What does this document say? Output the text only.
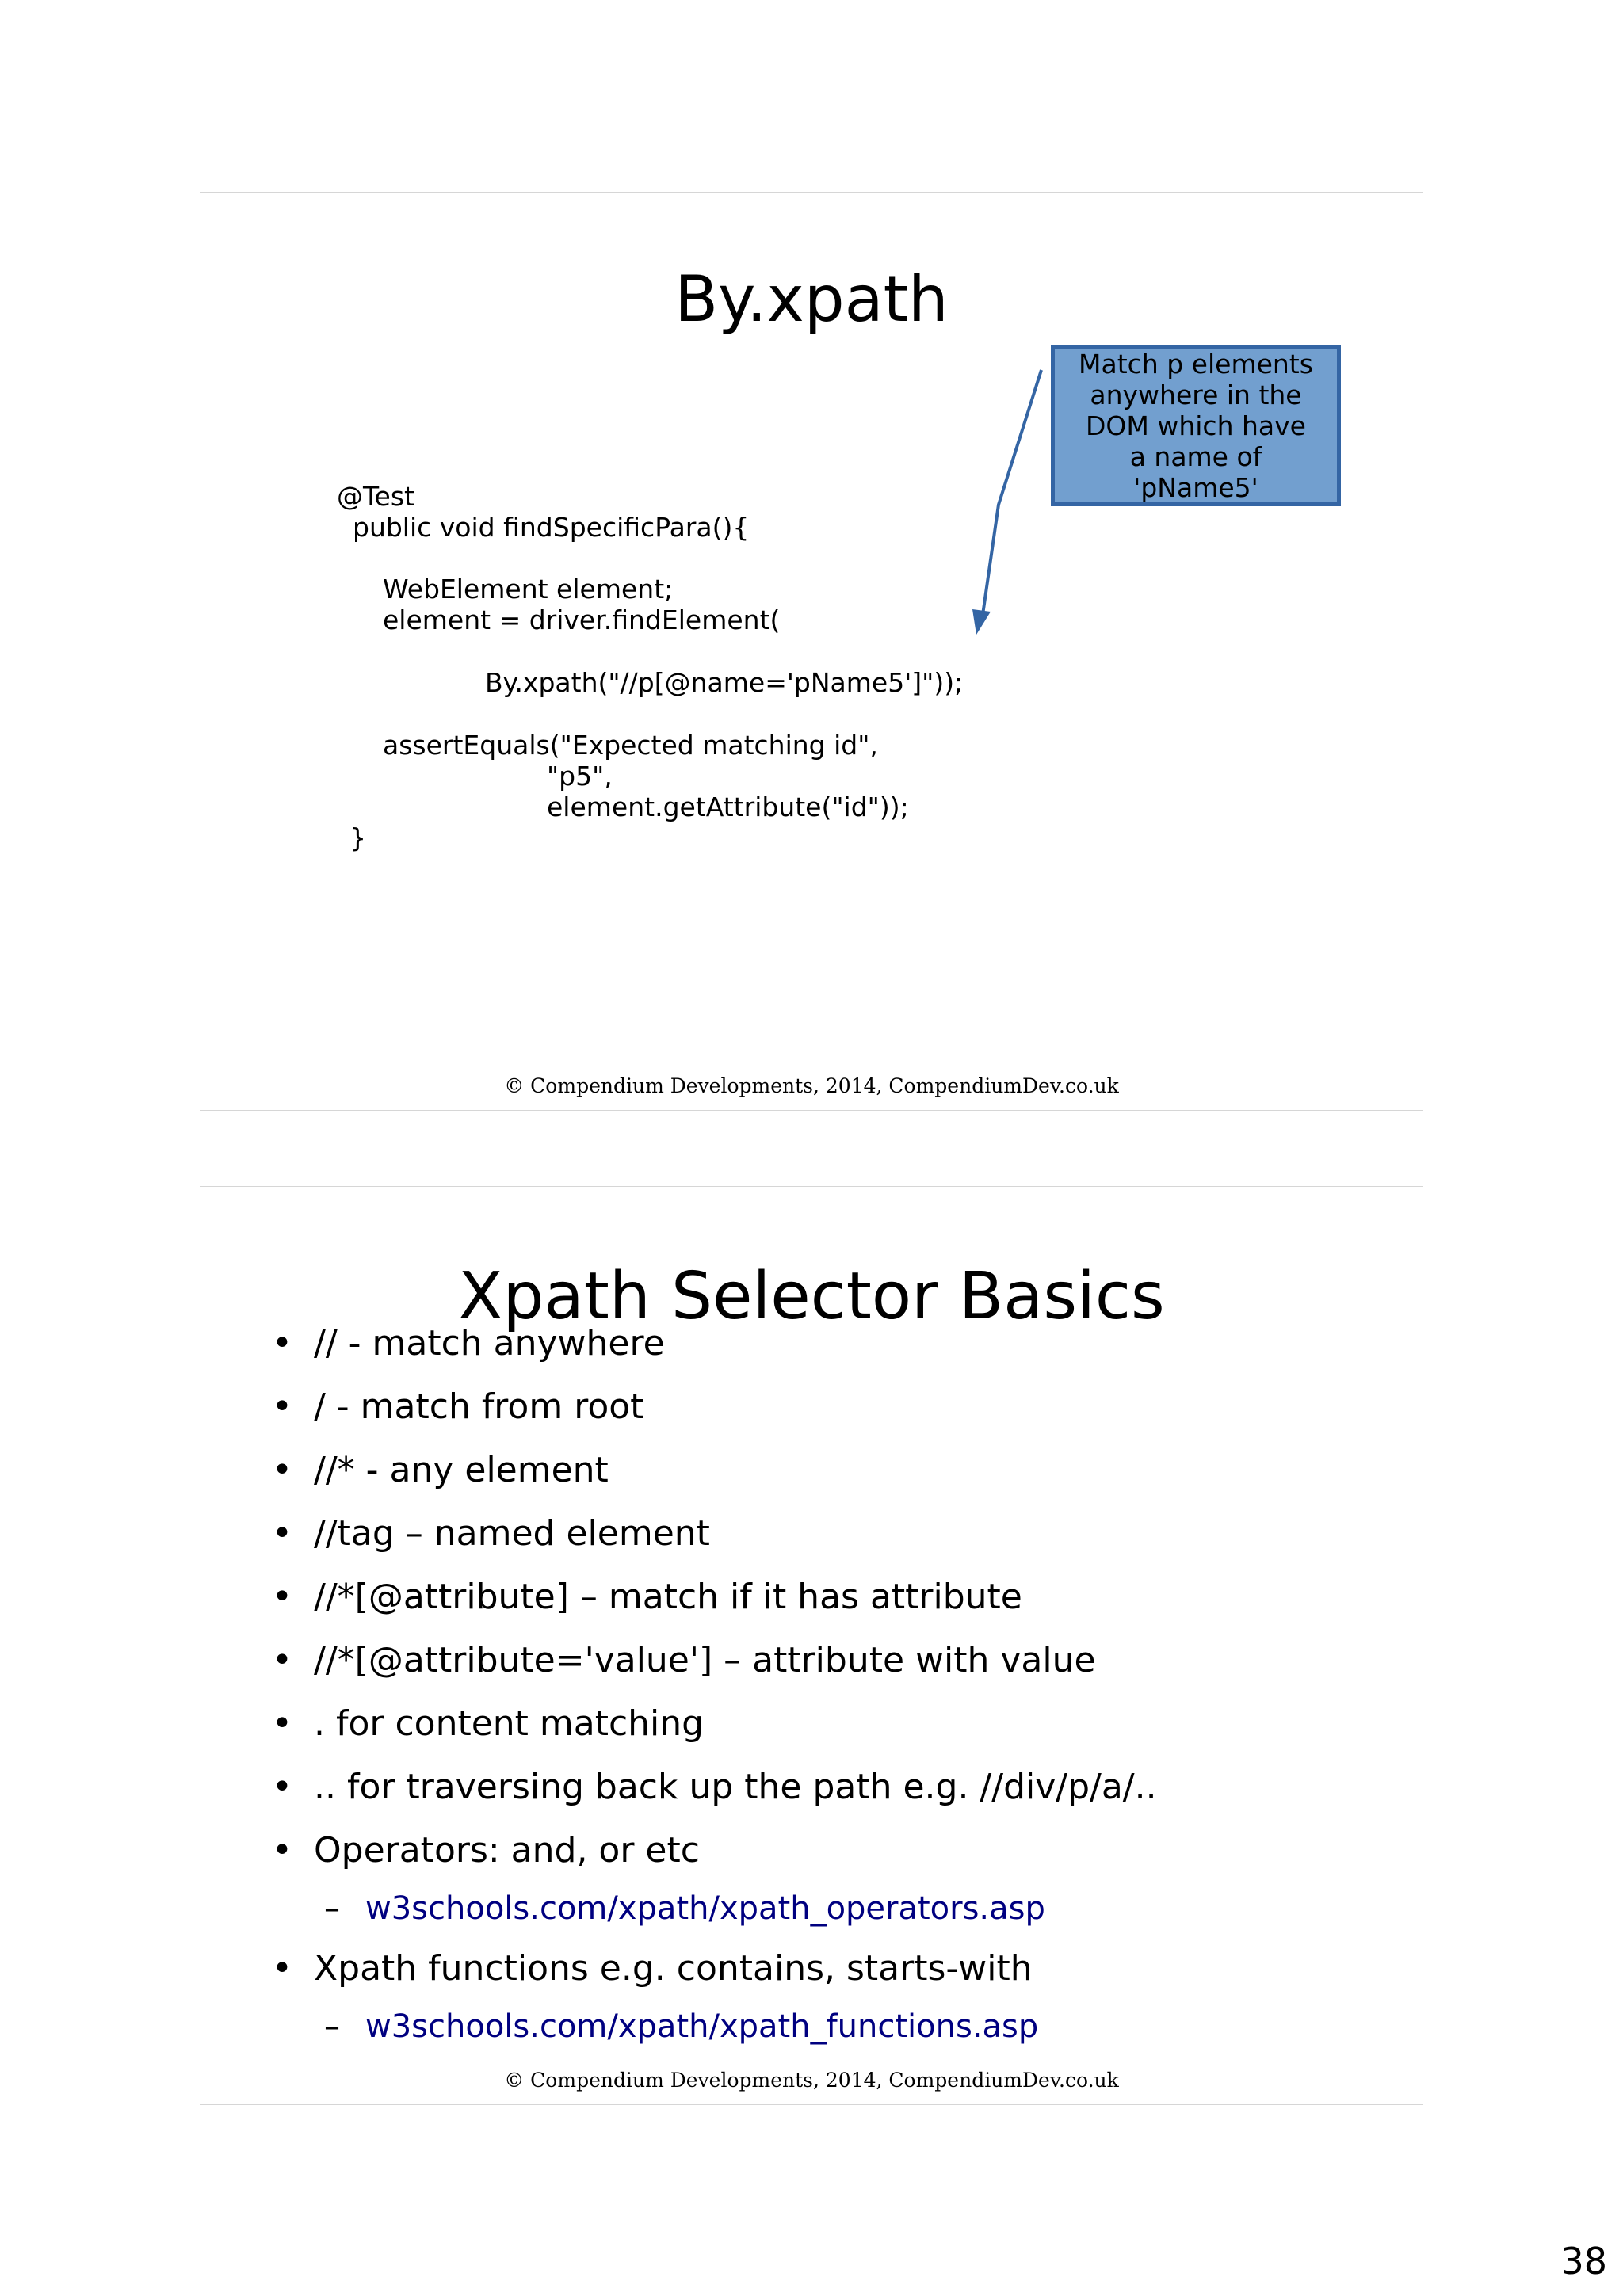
By.xpath
@Test
public void findSpecificPara(){
WebElement element;
element = driver.findElement(
By.xpath("//p[@name='pName5']"));
assertEquals("Expected matching id",
"p5",
element.getAttribute("id"));
}
Match p elements
anywhere in the
DOM which have
a name of 'pName5'
© Compendium Developments, 2014, CompendiumDev.co.uk
Xpath Selector Basics
• // - match anywhere
• / - match from root
• //* - any element
• //tag – named element
• //*[@attribute] – match if it has attribute
• //*[@attribute='value'] – attribute with value
• . for content matching
• .. for traversing back up the path e.g. //div/p/a/..
• Operators: and, or etc
– w3schools.com/xpath/xpath_operators.asp
• Xpath functions e.g. contains, starts-with
– w3schools.com/xpath/xpath_functions.asp
© Compendium Developments, 2014, CompendiumDev.co.uk
38
